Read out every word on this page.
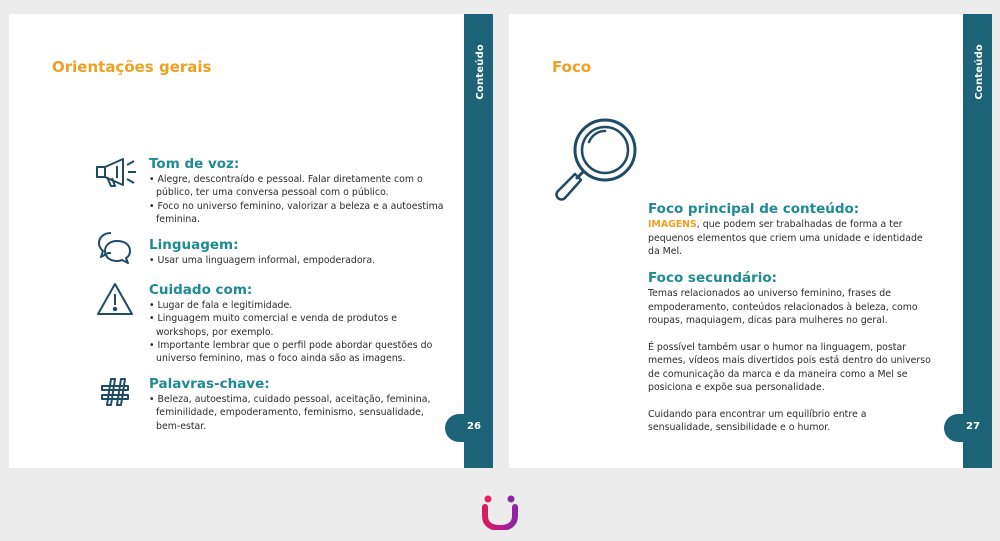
Orientações gerais
Tom de voz:

• Alegre, descontraído e pessoal. Falar diretamente com o público, ter uma conversa pessoal com o público.

• Foco no universo feminino, valorizar a beleza e a autoestima feminina.

Linguagem:

• Usar uma linguagem informal, empoderadora.

Cuidado com:

• Lugar de fala e legitimidade.

• Linguagem muito comercial e venda de produtos e workshops, por exemplo.

• Importante lembrar que o perfil pode abordar questões do universo feminino, mas o foco ainda são as imagens.

Palavras-chave:

• Beleza, autoestima, cuidado pessoal, aceitação, feminina, feminilidade, empoderamento, feminismo, sensualidade, bem-estar.

Conteúdo
26
Foco
Foco principal de conteúdo:

IMAGENS, que podem ser trabalhadas de forma a ter pequenos elementos que criem uma unidade e identidade da Mel.

Foco secundário:

Temas relacionados ao universo feminino, frases de empoderamento, conteúdos relacionados à beleza, como roupas, maquiagem, dicas para mulheres no geral.

É possível também usar o humor na linguagem, postar memes, vídeos mais divertidos pois está dentro do universo de comunicação da marca e da maneira como a Mel se posiciona e expõe sua personalidade.

Cuidando para encontrar um equilíbrio entre a sensualidade, sensibilidade e o humor.

Conteúdo
27
